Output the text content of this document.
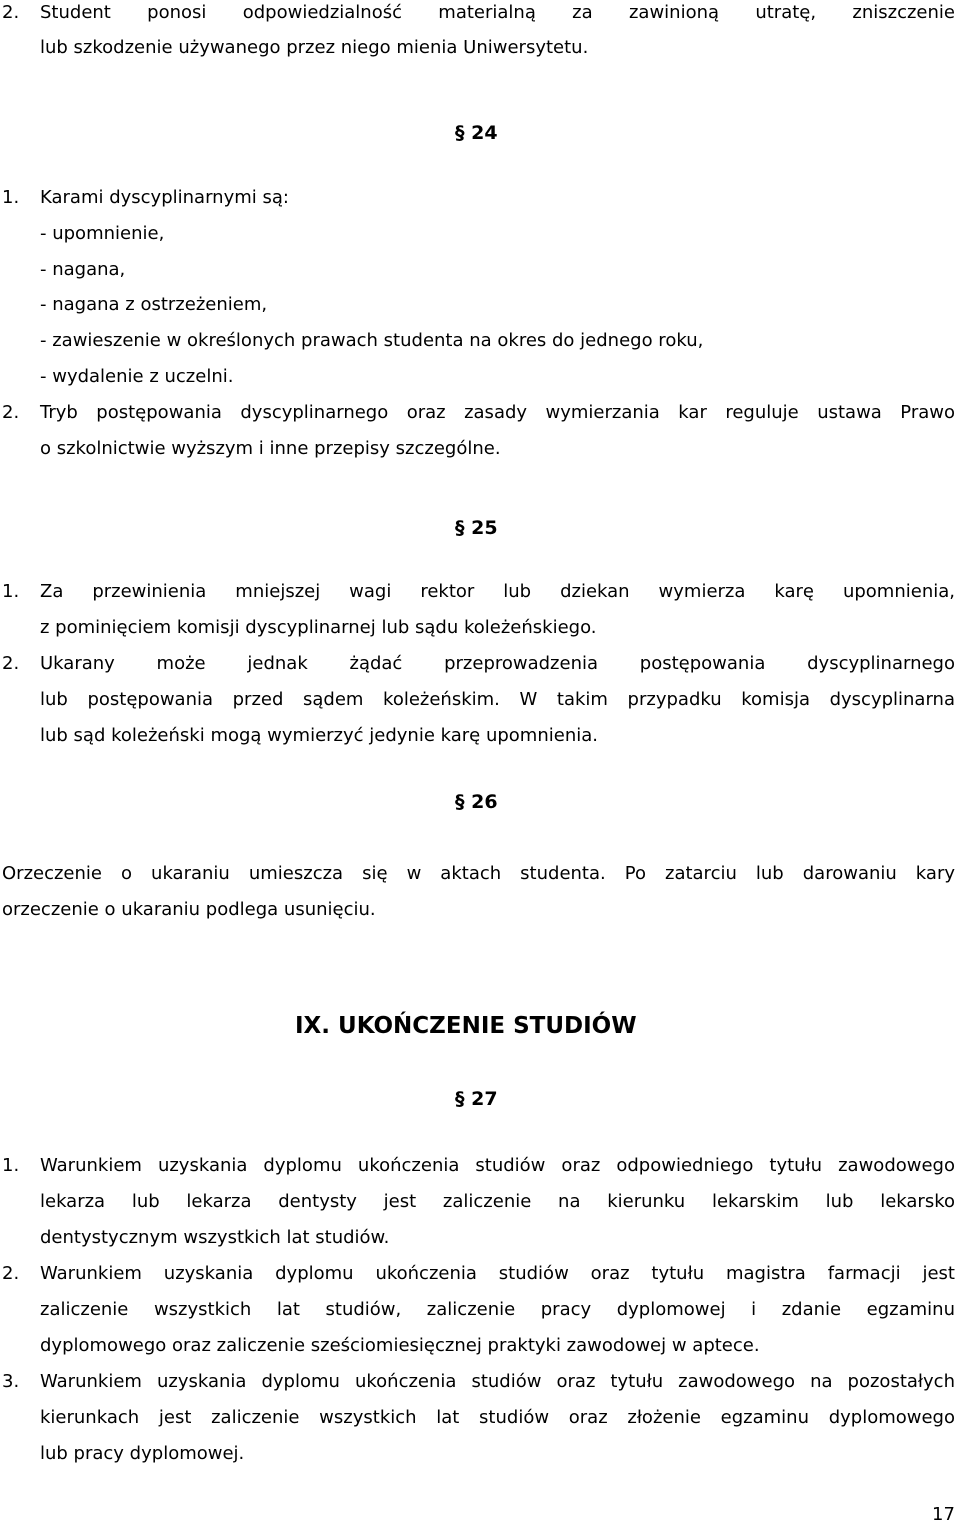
2. Student ponosi odpowiedzialność materialną za zawinioną utratę, zniszczenie
lub szkodzenie używanego przez niego mienia Uniwersytetu.
§ 24
1. Karami dyscyplinarnymi są:
- upomnienie,
- nagana,
- nagana z ostrzeżeniem,
- zawieszenie w określonych prawach studenta na okres do jednego roku,
- wydalenie z uczelni.
2. Tryb postępowania dyscyplinarnego oraz zasady wymierzania kar reguluje ustawa Prawo
o szkolnictwie wyższym i inne przepisy szczególne.
§ 25
1. Za przewinienia mniejszej wagi rektor lub dziekan wymierza karę upomnienia,
z pominięciem komisji dyscyplinarnej lub sądu koleżeńskiego.
2. Ukarany może jednak żądać przeprowadzenia postępowania dyscyplinarnego
lub postępowania przed sądem koleżeńskim. W takim przypadku komisja dyscyplinarna
lub sąd koleżeński mogą wymierzyć jedynie karę upomnienia.
§ 26
Orzeczenie o ukaraniu umieszcza się w aktach studenta. Po zatarciu lub darowaniu kary
orzeczenie o ukaraniu podlega usunięciu.
IX. UKOŃCZENIE STUDIÓW
§ 27
1. Warunkiem uzyskania dyplomu ukończenia studiów oraz odpowiedniego tytułu zawodowego
lekarza lub lekarza dentysty jest zaliczenie na kierunku lekarskim lub lekarsko
dentystycznym wszystkich lat studiów.
2. Warunkiem uzyskania dyplomu ukończenia studiów oraz tytułu magistra farmacji jest
zaliczenie wszystkich lat studiów, zaliczenie pracy dyplomowej i zdanie egzaminu
dyplomowego oraz zaliczenie sześciomiesięcznej praktyki zawodowej w aptece.
3. Warunkiem uzyskania dyplomu ukończenia studiów oraz tytułu zawodowego na pozostałych
kierunkach jest zaliczenie wszystkich lat studiów oraz złożenie egzaminu dyplomowego
lub pracy dyplomowej.
17
